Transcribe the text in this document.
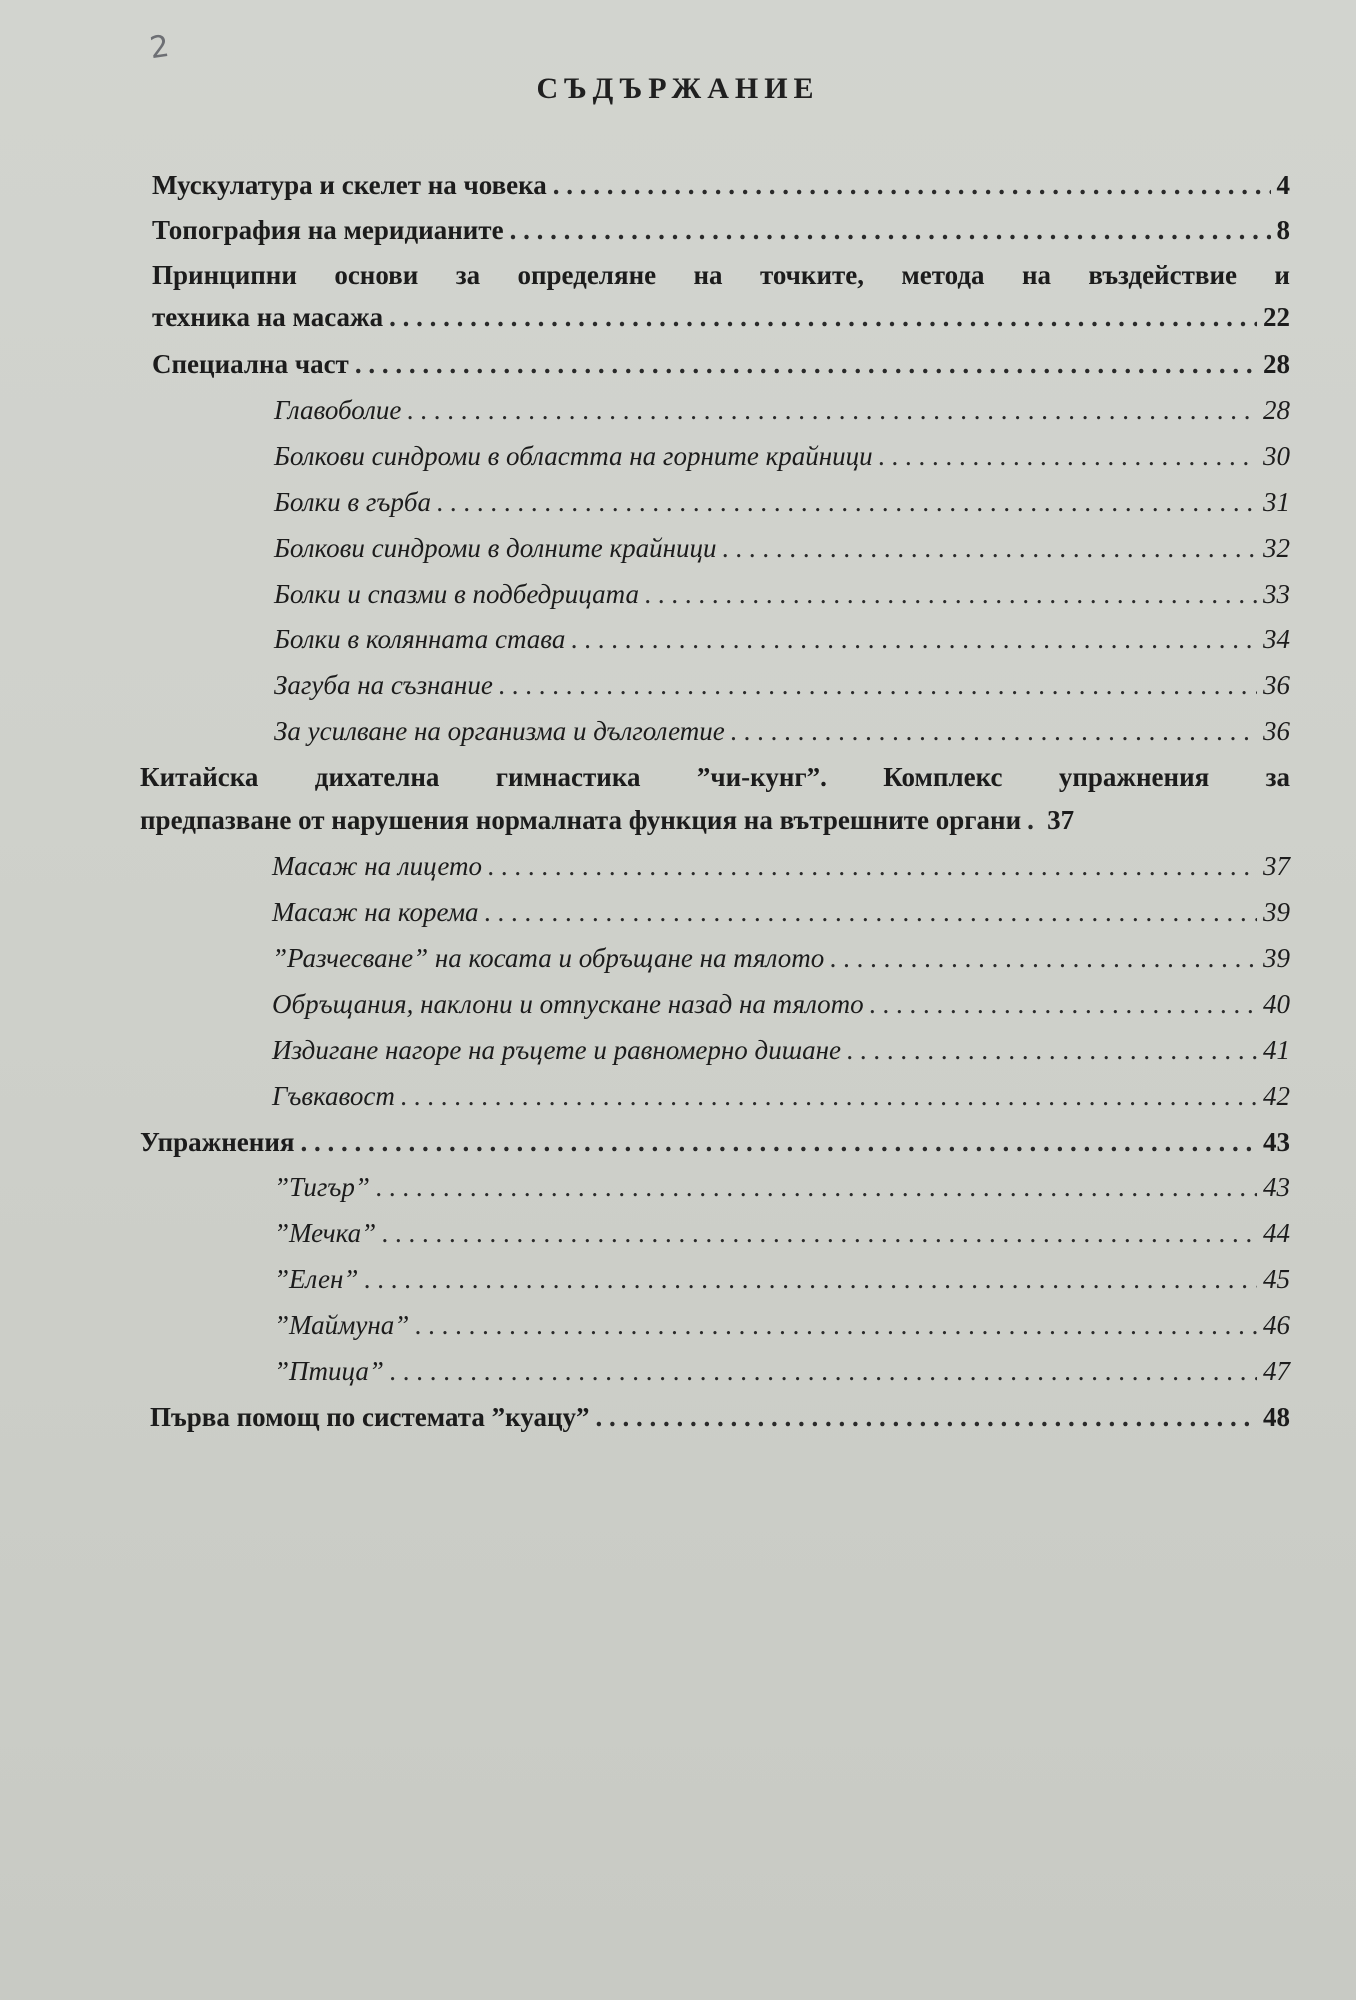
2
СЪДЪРЖАНИЕ
Мускулатура и скелет на човека . . .	4
Топография на меридианите . . .	8
Принципни основи за определяне на точките, метода на въздействие и
техника на масажа . . .	22
Специална част . . .	28
Главоболие . . .	28
Болкови синдроми в областта на горните крайници . . .	30
Болки в гърба . . .	31
Болкови синдроми в долните крайници . . .	32
Болки и спазми в подбедрицата . . .	33
Болки в колянната става . . .	34
Загуба на съзнание . . .	36
За усилване на организма и дълголетие . . .	36
Китайска дихателна гимнастика ”чи-кунг”. Комплекс упражнения за
предпазване от нарушения нормалната функция на вътрешните органи . . . 37
Масаж на лицето . . .	37
Масаж на корема . . .	39
”Разчесване” на косата и обръщане на тялото . . .	39
Обръщания, наклони и отпускане назад на тялото . . .	40
Издигане нагоре на ръцете и равномерно дишане . . .	41
Гъвкавост . . .	42
Упражнения . . .	43
”Тигър” . . .	43
”Мечка” . . .	44
”Елен” . . .	45
”Маймуна” . . .	46
”Птица” . . .	47
Първа помощ по системата ”куацу” . . .	48
